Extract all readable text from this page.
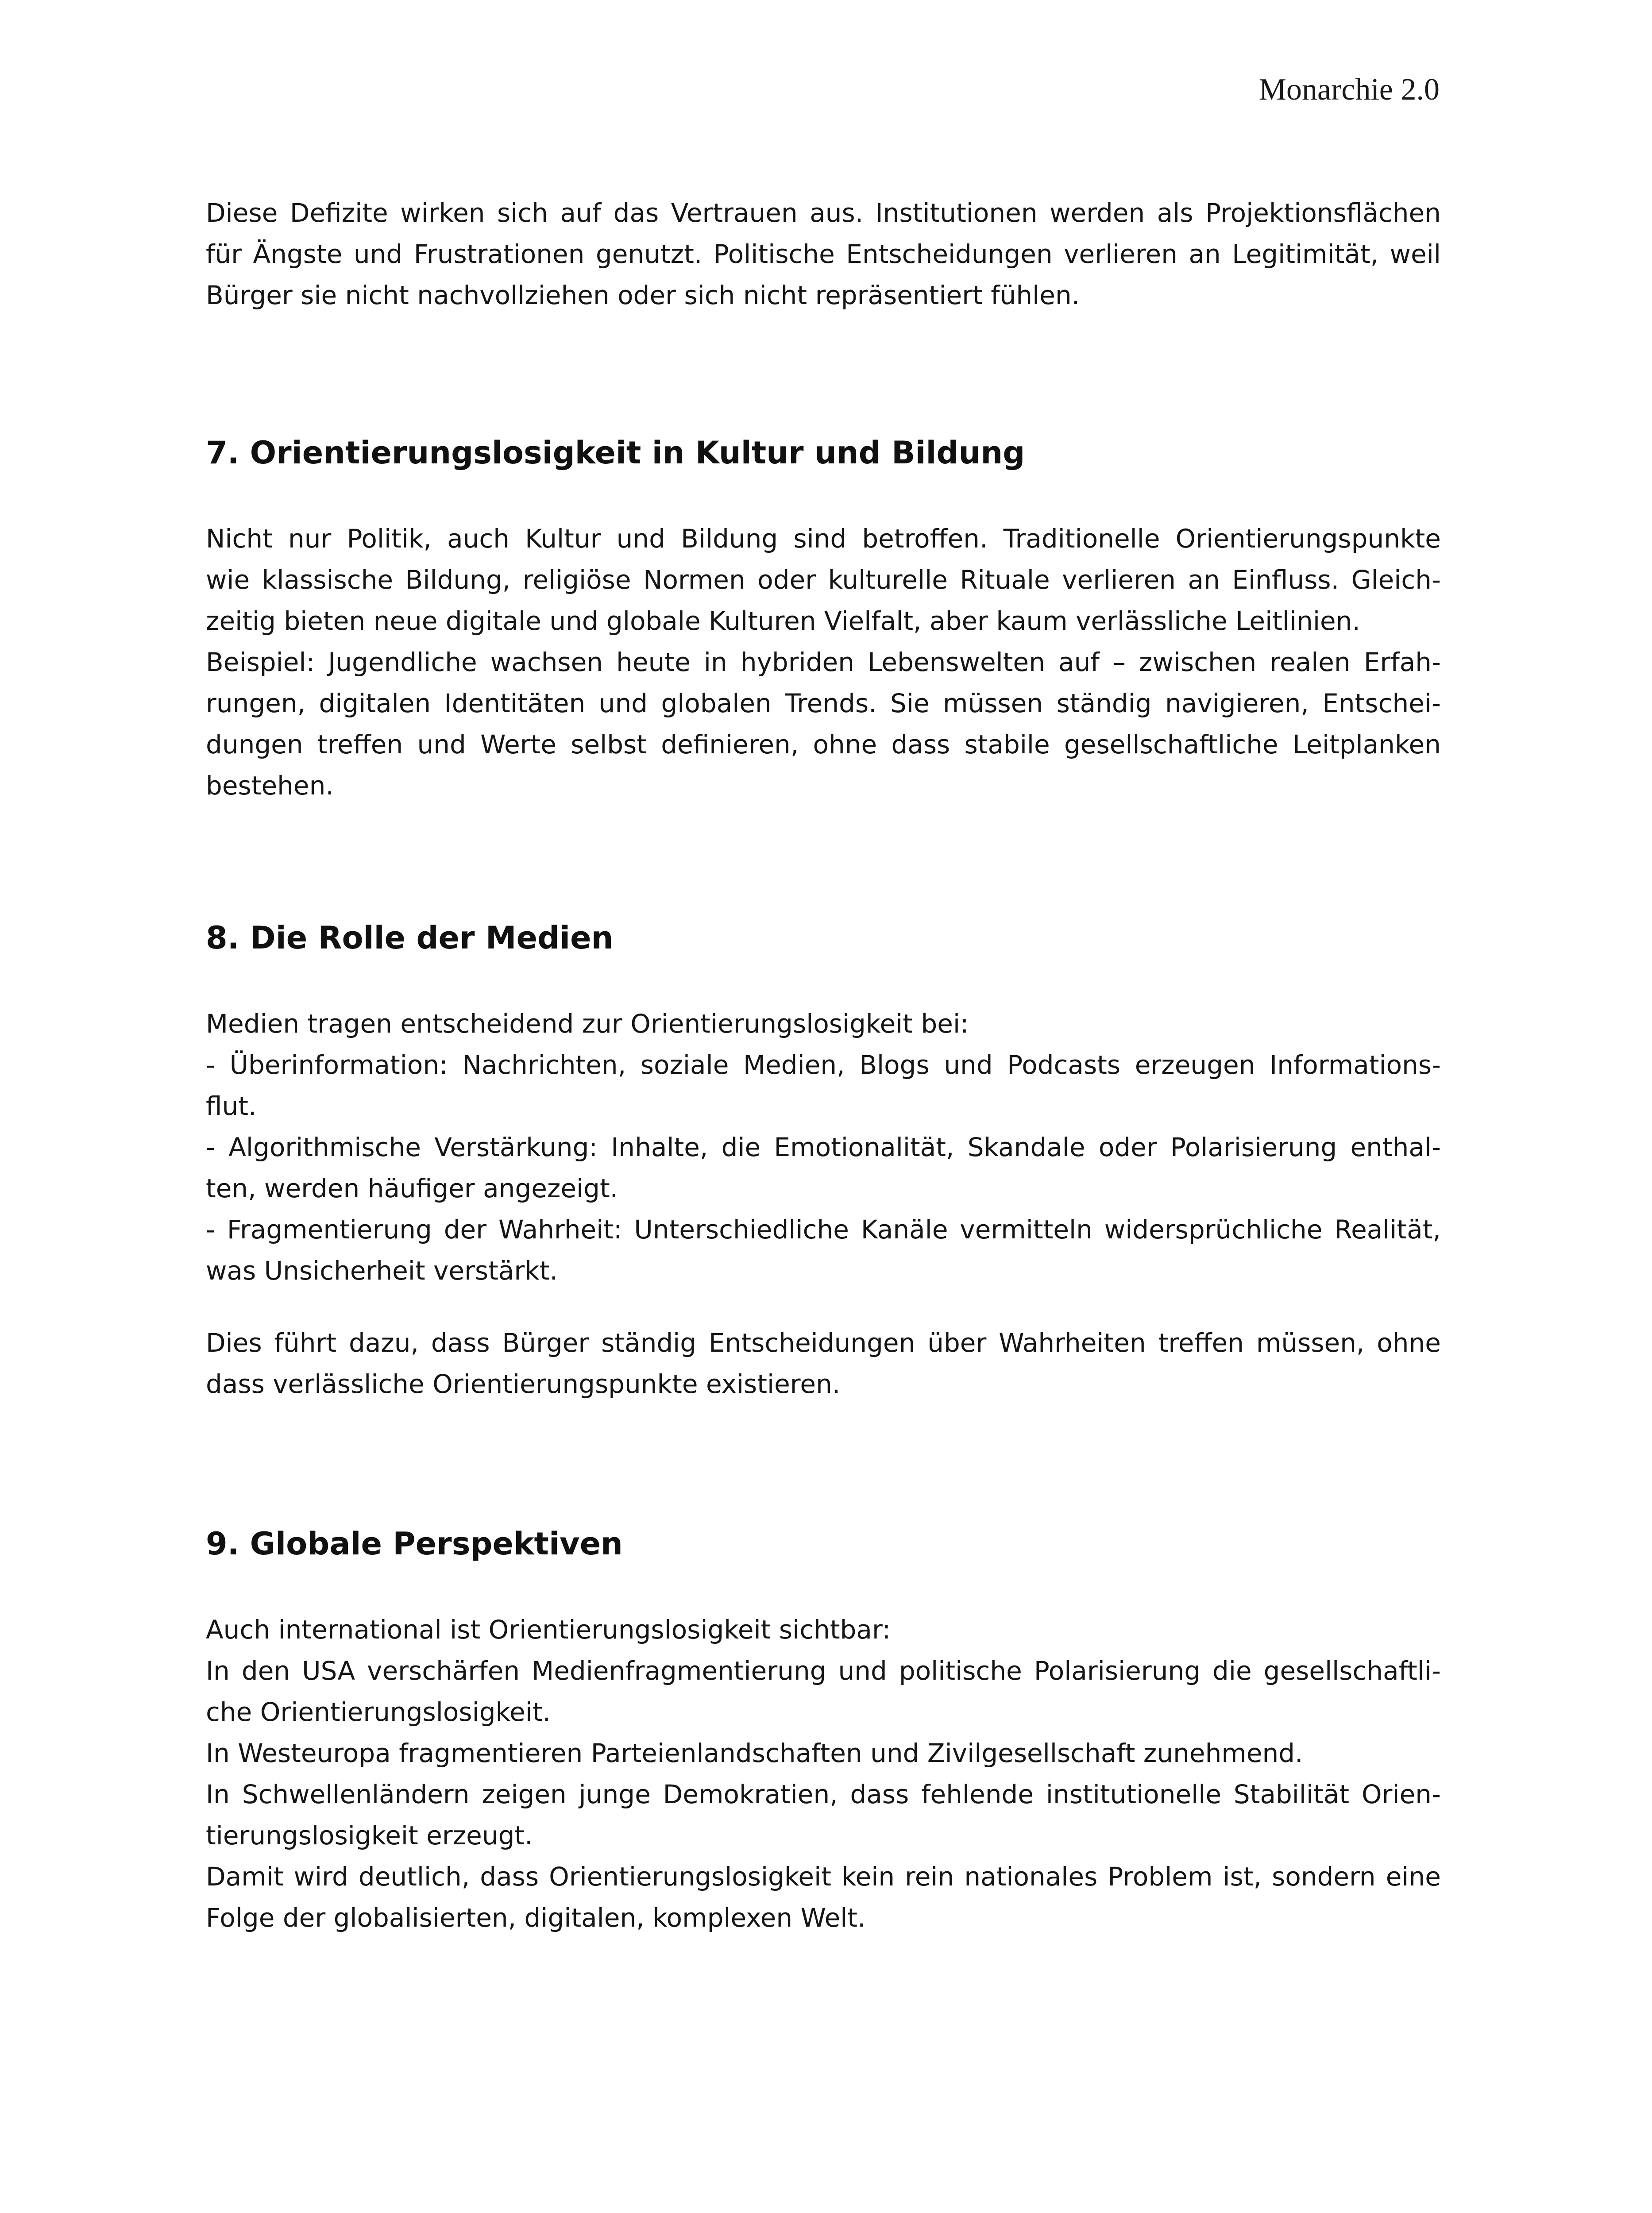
Monarchie 2.0
Diese Defizite wirken sich auf das Vertrauen aus. Institutionen werden als Projektionsflächen
für Ängste und Frustrationen genutzt. Politische Entscheidungen verlieren an Legitimität, weil
Bürger sie nicht nachvollziehen oder sich nicht repräsentiert fühlen.
7. Orientierungslosigkeit in Kultur und Bildung
Nicht nur Politik, auch Kultur und Bildung sind betroffen. Traditionelle Orientierungspunkte
wie klassische Bildung, religiöse Normen oder kulturelle Rituale verlieren an Einfluss. Gleich-
zeitig bieten neue digitale und globale Kulturen Vielfalt, aber kaum verlässliche Leitlinien.
Beispiel: Jugendliche wachsen heute in hybriden Lebenswelten auf – zwischen realen Erfah-
rungen, digitalen Identitäten und globalen Trends. Sie müssen ständig navigieren, Entschei-
dungen treffen und Werte selbst definieren, ohne dass stabile gesellschaftliche Leitplanken
bestehen.
8. Die Rolle der Medien
Medien tragen entscheidend zur Orientierungslosigkeit bei:
- Überinformation: Nachrichten, soziale Medien, Blogs und Podcasts erzeugen Informations-
flut.
- Algorithmische Verstärkung: Inhalte, die Emotionalität, Skandale oder Polarisierung enthal-
ten, werden häufiger angezeigt.
- Fragmentierung der Wahrheit: Unterschiedliche Kanäle vermitteln widersprüchliche Realität,
was Unsicherheit verstärkt.
Dies führt dazu, dass Bürger ständig Entscheidungen über Wahrheiten treffen müssen, ohne
dass verlässliche Orientierungspunkte existieren.
9. Globale Perspektiven
Auch international ist Orientierungslosigkeit sichtbar:
In den USA verschärfen Medienfragmentierung und politische Polarisierung die gesellschaftli-
che Orientierungslosigkeit.
In Westeuropa fragmentieren Parteienlandschaften und Zivilgesellschaft zunehmend.
In Schwellenländern zeigen junge Demokratien, dass fehlende institutionelle Stabilität Orien-
tierungslosigkeit erzeugt.
Damit wird deutlich, dass Orientierungslosigkeit kein rein nationales Problem ist, sondern eine
Folge der globalisierten, digitalen, komplexen Welt.
